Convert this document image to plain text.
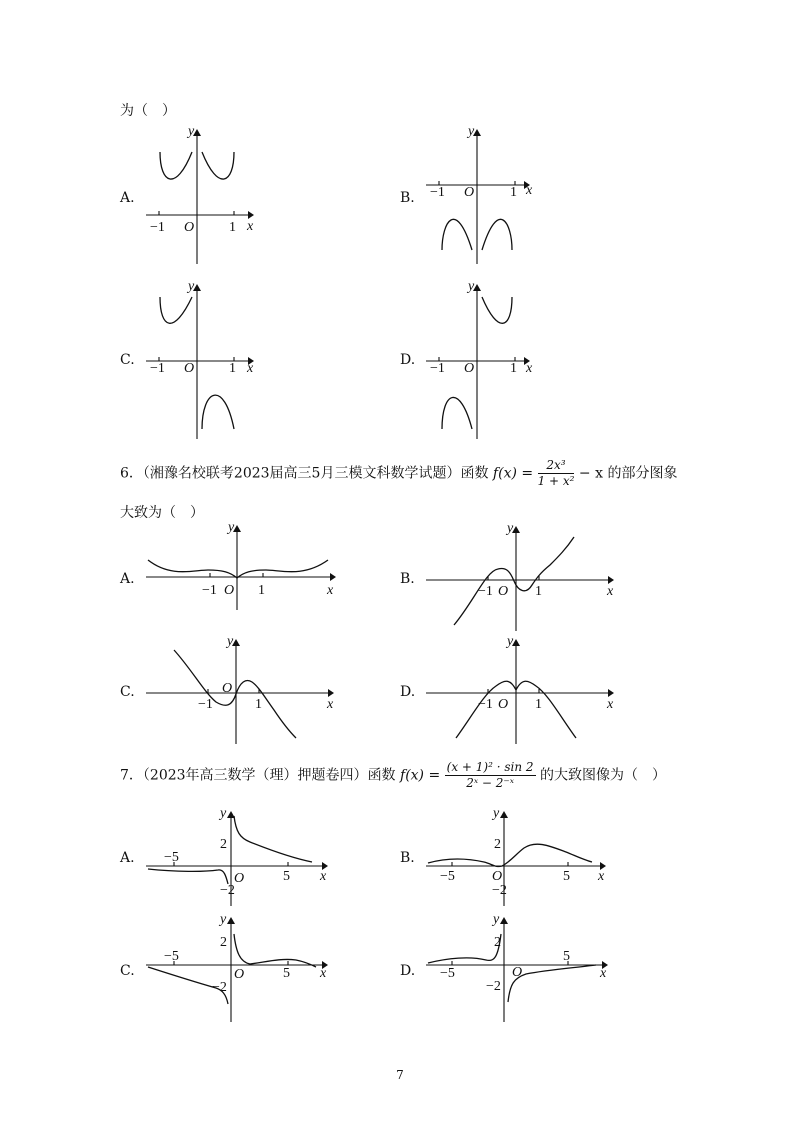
为（　）
A.
y
x
O
−1	1
B.
y
x
O
−1	1
C.
y
x
O
−1	1
D.
y
x
O
−1	1
6．（湘豫名校联考2023届高三5月三模文科数学试题）函数 $f(x) = \frac{\text{2x³}}{\text{1 + x²}} - x$ 的部分图象
大致为（　）
A.
y
x
O
−1	1
B.
y
x
O
−1	1
C.
y
x
O
−1	1
D.
y
x
O
−1	1
7．（2023年高三数学（理）押题卷四）函数 $f(x) = \frac{\text{(x + 1)² · sin 2}}{\text{2ˣ − 2⁻ˣ}}$ 的大致图像为（　）
A.
y
x
O
−5
5
2
−2
B.
y
x
O
−5	5
2
−2
C.
y
x
O
−5
5
2
−2
D.
y
x
O
−5
5
2
−2
7
